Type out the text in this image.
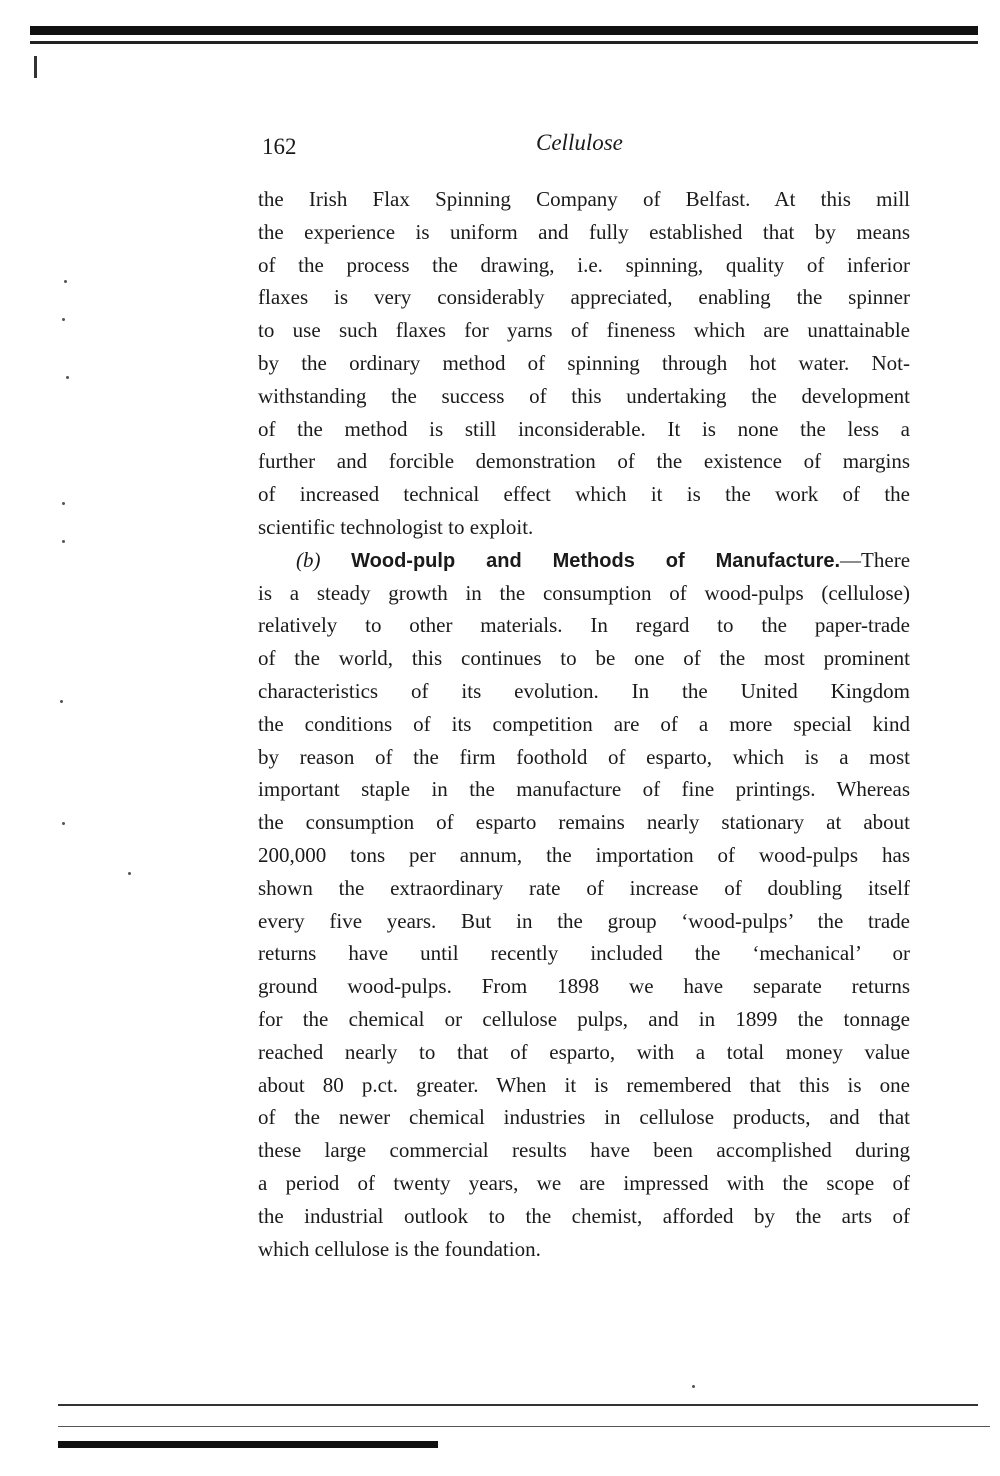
162	Cellulose
the Irish Flax Spinning Company of Belfast. At this mill
the experience is uniform and fully established that by means
of the process the drawing, i.e. spinning, quality of inferior
flaxes is very considerably appreciated, enabling the spinner
to use such flaxes for yarns of fineness which are unattainable
by the ordinary method of spinning through hot water. Not-
withstanding the success of this undertaking the development
of the method is still inconsiderable. It is none the less a
further and forcible demonstration of the existence of margins
of increased technical effect which it is the work of the
scientific technologist to exploit.
(b) Wood-pulp and Methods of Manufacture.—There
is a steady growth in the consumption of wood-pulps (cellulose)
relatively to other materials. In regard to the paper-trade
of the world, this continues to be one of the most prominent
characteristics of its evolution. In the United Kingdom
the conditions of its competition are of a more special kind
by reason of the firm foothold of esparto, which is a most
important staple in the manufacture of fine printings. Whereas
the consumption of esparto remains nearly stationary at about
200,000 tons per annum, the importation of wood-pulps has
shown the extraordinary rate of increase of doubling itself
every five years. But in the group ‘wood-pulps’ the trade
returns have until recently included the ‘mechanical’ or
ground wood-pulps. From 1898 we have separate returns
for the chemical or cellulose pulps, and in 1899 the tonnage
reached nearly to that of esparto, with a total money value
about 80 p.ct. greater. When it is remembered that this is one
of the newer chemical industries in cellulose products, and that
these large commercial results have been accomplished during
a period of twenty years, we are impressed with the scope of
the industrial outlook to the chemist, afforded by the arts of
which cellulose is the foundation.
